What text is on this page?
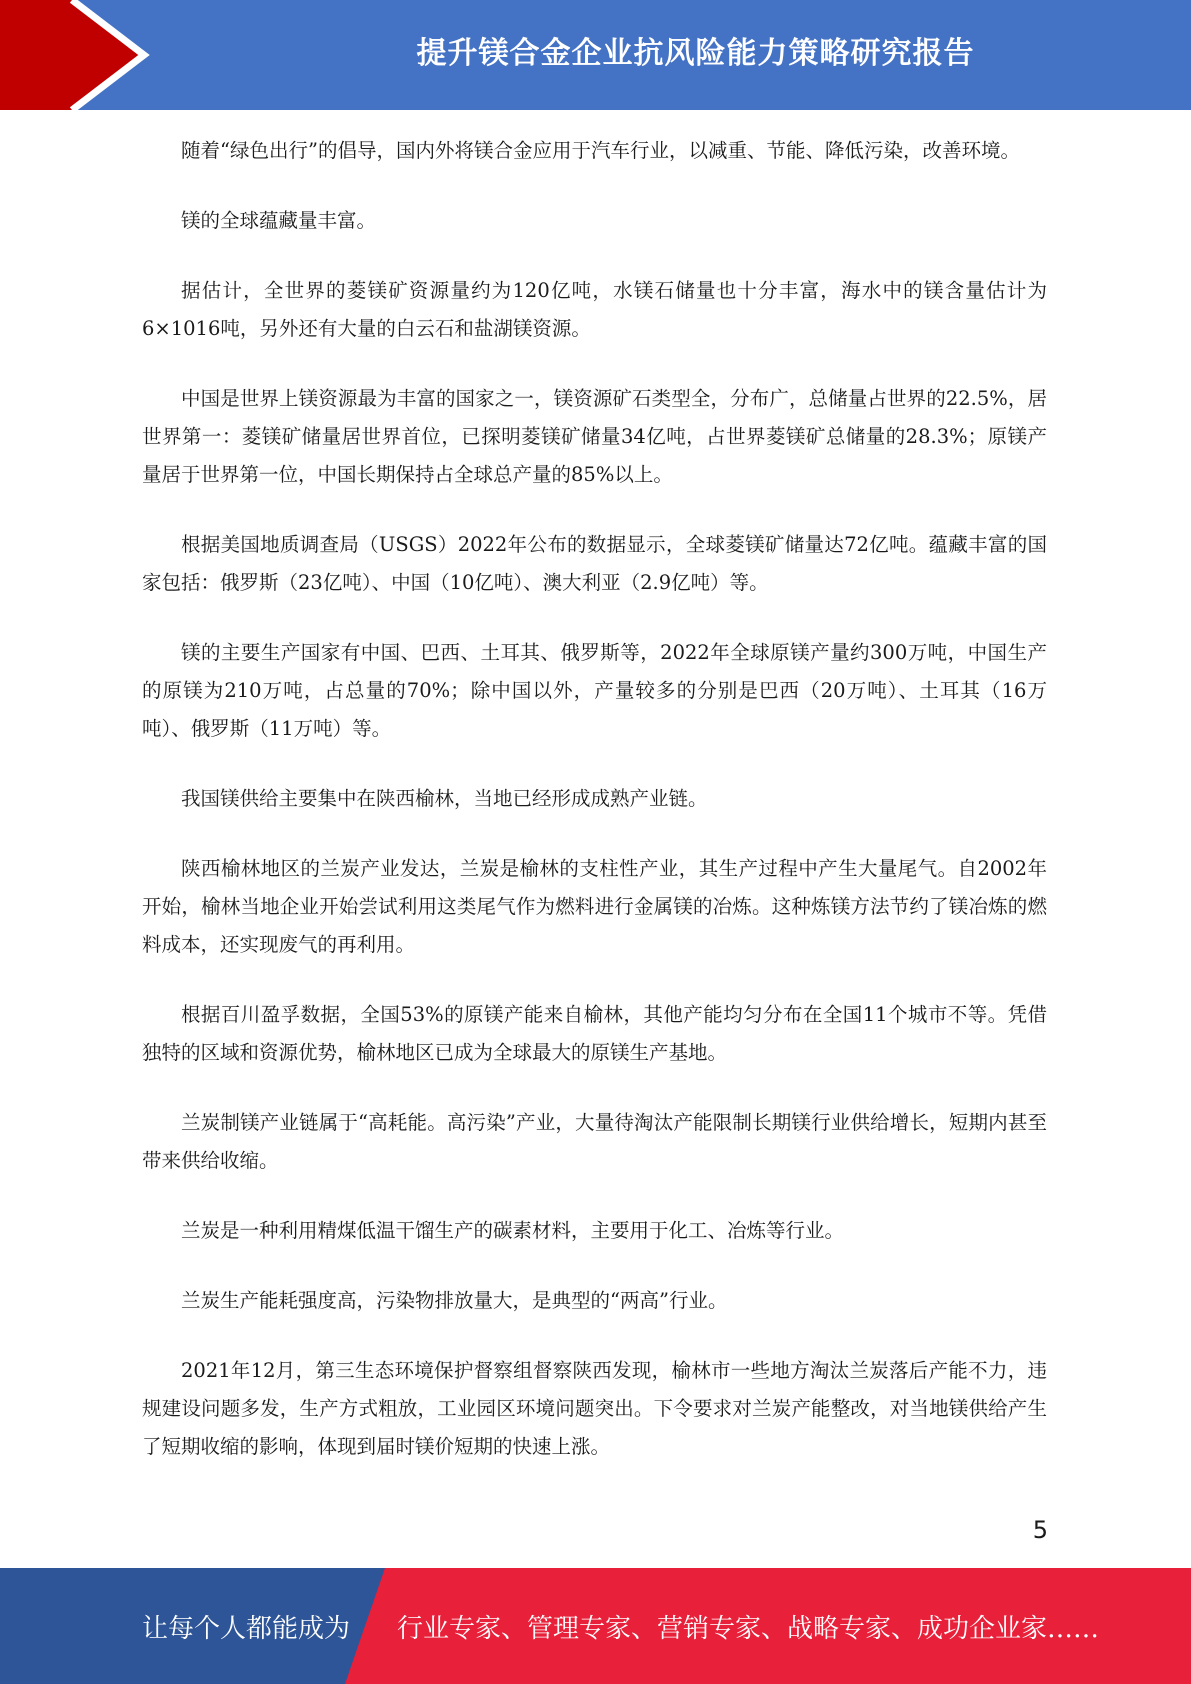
提升镁合金企业抗风险能力策略研究报告

随着“绿色出行”的倡导，国内外将镁合金应用于汽车行业，以减重、节能、降低污染，改善环境。

镁的全球蕴藏量丰富。

据估计，全世界的菱镁矿资源量约为120亿吨，水镁石储量也十分丰富，海水中的镁含量估计为6×1016吨，另外还有大量的白云石和盐湖镁资源。

中国是世界上镁资源最为丰富的国家之一，镁资源矿石类型全，分布广，总储量占世界的22.5%，居世界第一：菱镁矿储量居世界首位，已探明菱镁矿储量34亿吨，占世界菱镁矿总储量的28.3%；原镁产量居于世界第一位，中国长期保持占全球总产量的85%以上。

根据美国地质调查局（USGS）2022年公布的数据显示，全球菱镁矿储量达72亿吨。蕴藏丰富的国家包括：俄罗斯（23亿吨）、中国（10亿吨）、澳大利亚（2.9亿吨）等。

镁的主要生产国家有中国、巴西、土耳其、俄罗斯等，2022年全球原镁产量约300万吨，中国生产的原镁为210万吨，占总量的70%；除中国以外，产量较多的分别是巴西（20万吨）、土耳其（16万吨）、俄罗斯（11万吨）等。

我国镁供给主要集中在陕西榆林，当地已经形成成熟产业链。

陕西榆林地区的兰炭产业发达，兰炭是榆林的支柱性产业，其生产过程中产生大量尾气。自2002年开始，榆林当地企业开始尝试利用这类尾气作为燃料进行金属镁的冶炼。这种炼镁方法节约了镁冶炼的燃料成本，还实现废气的再利用。

根据百川盈孚数据，全国53%的原镁产能来自榆林，其他产能均匀分布在全国11个城市不等。凭借独特的区域和资源优势，榆林地区已成为全球最大的原镁生产基地。

兰炭制镁产业链属于“高耗能。高污染”产业，大量待淘汰产能限制长期镁行业供给增长，短期内甚至带来供给收缩。

兰炭是一种利用精煤低温干馏生产的碳素材料，主要用于化工、冶炼等行业。

兰炭生产能耗强度高，污染物排放量大，是典型的“两高”行业。

2021年12月，第三生态环境保护督察组督察陕西发现，榆林市一些地方淘汰兰炭落后产能不力，违规建设问题多发，生产方式粗放，工业园区环境问题突出。下令要求对兰炭产能整改，对当地镁供给产生了短期收缩的影响，体现到届时镁价短期的快速上涨。

5
让每个人都能成为 行业专家、管理专家、营销专家、战略专家、成功企业家……
